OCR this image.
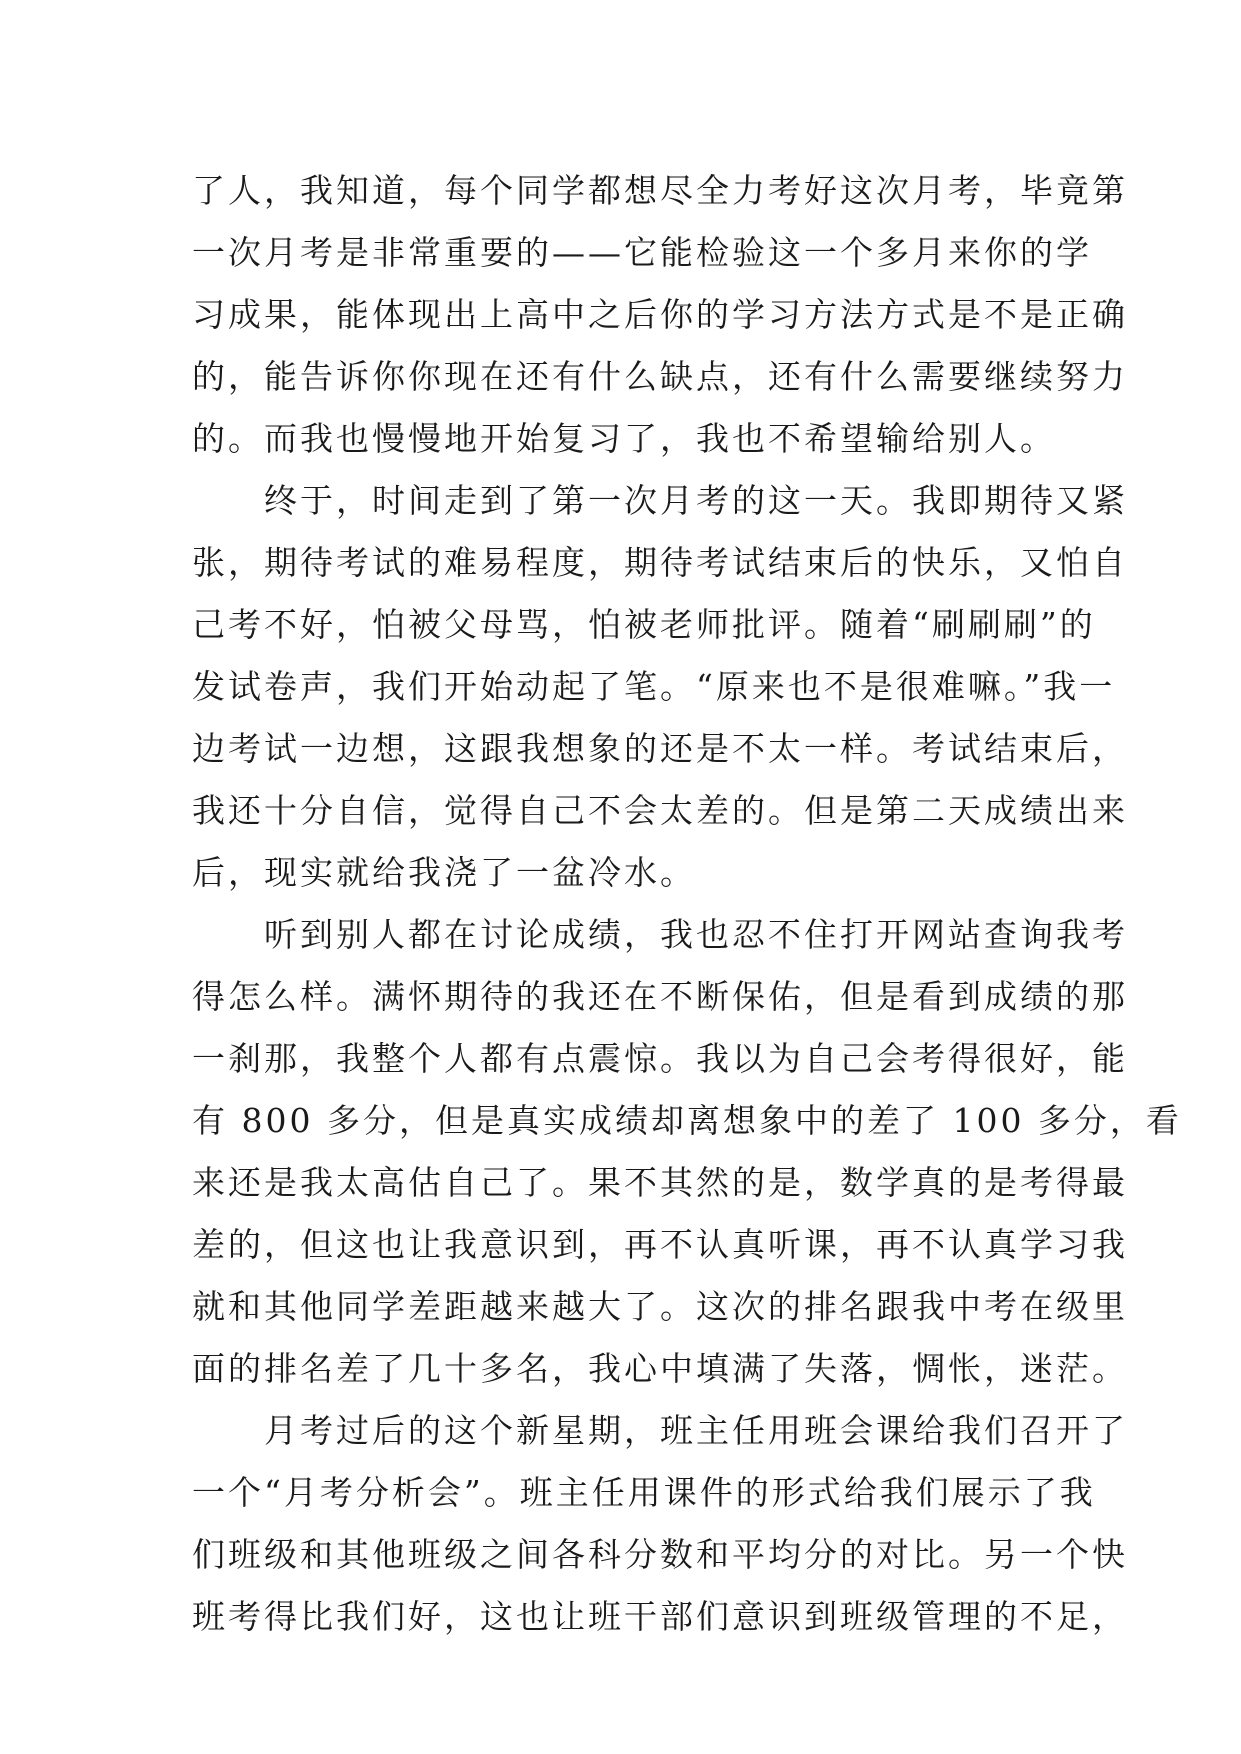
了人，我知道，每个同学都想尽全力考好这次月考，毕竟第
一次月考是非常重要的——它能检验这一个多月来你的学
习成果，能体现出上高中之后你的学习方法方式是不是正确
的，能告诉你你现在还有什么缺点，还有什么需要继续努力
的。而我也慢慢地开始复习了，我也不希望输给别人。
终于，时间走到了第一次月考的这一天。我即期待又紧
张，期待考试的难易程度，期待考试结束后的快乐，又怕自
己考不好，怕被父母骂，怕被老师批评。随着“刷刷刷”的
发试卷声，我们开始动起了笔。“原来也不是很难嘛。”我一
边考试一边想，这跟我想象的还是不太一样。考试结束后，
我还十分自信，觉得自己不会太差的。但是第二天成绩出来
后，现实就给我浇了一盆冷水。
听到别人都在讨论成绩，我也忍不住打开网站查询我考
得怎么样。满怀期待的我还在不断保佑，但是看到成绩的那
一刹那，我整个人都有点震惊。我以为自己会考得很好，能
有 800 多分，但是真实成绩却离想象中的差了 100 多分，看
来还是我太高估自己了。果不其然的是，数学真的是考得最
差的，但这也让我意识到，再不认真听课，再不认真学习我
就和其他同学差距越来越大了。这次的排名跟我中考在级里
面的排名差了几十多名，我心中填满了失落，惆怅，迷茫。
月考过后的这个新星期，班主任用班会课给我们召开了
一个“月考分析会”。班主任用课件的形式给我们展示了我
们班级和其他班级之间各科分数和平均分的对比。另一个快
班考得比我们好，这也让班干部们意识到班级管理的不足，
